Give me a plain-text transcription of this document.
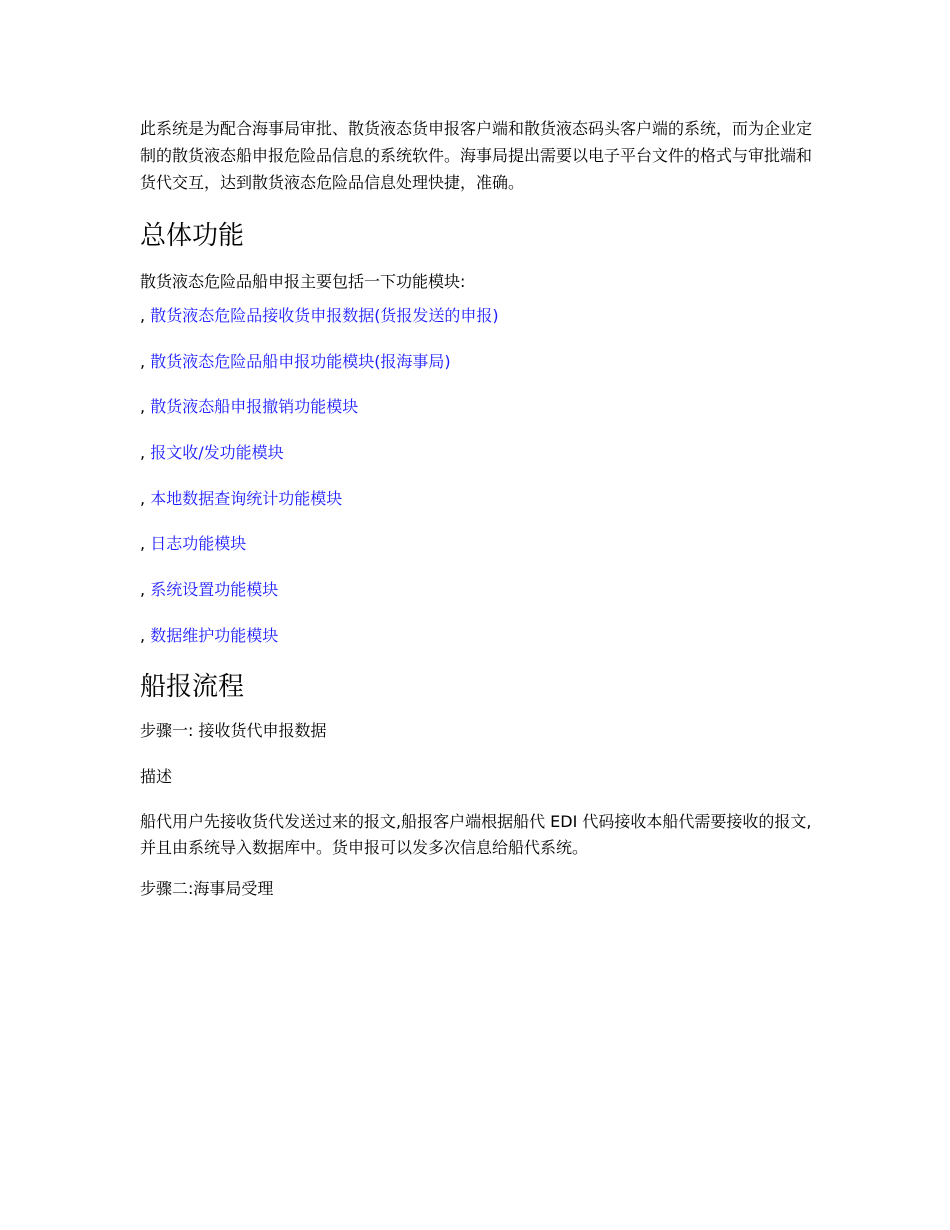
此系统是为配合海事局审批、散货液态货申报客户端和散货液态码头客户端的系统，而为企业定制的散货液态船申报危险品信息的系统软件。海事局提出需要以电子平台文件的格式与审批端和货代交互，达到散货液态危险品信息处理快捷，准确。

总体功能

散货液态危险品船申报主要包括一下功能模块:

, 散货液态危险品接收货申报数据(货报发送的申报)
, 散货液态危险品船申报功能模块(报海事局)
, 散货液态船申报撤销功能模块
, 报文收/发功能模块
, 本地数据查询统计功能模块
, 日志功能模块
, 系统设置功能模块
, 数据维护功能模块
船报流程

步骤一: 接收货代申报数据

描述

船代用户先接收货代发送过来的报文,船报客户端根据船代 EDI 代码接收本船代需要接收的报文,并且由系统导入数据库中。货申报可以发多次信息给船代系统。

步骤二:海事局受理
